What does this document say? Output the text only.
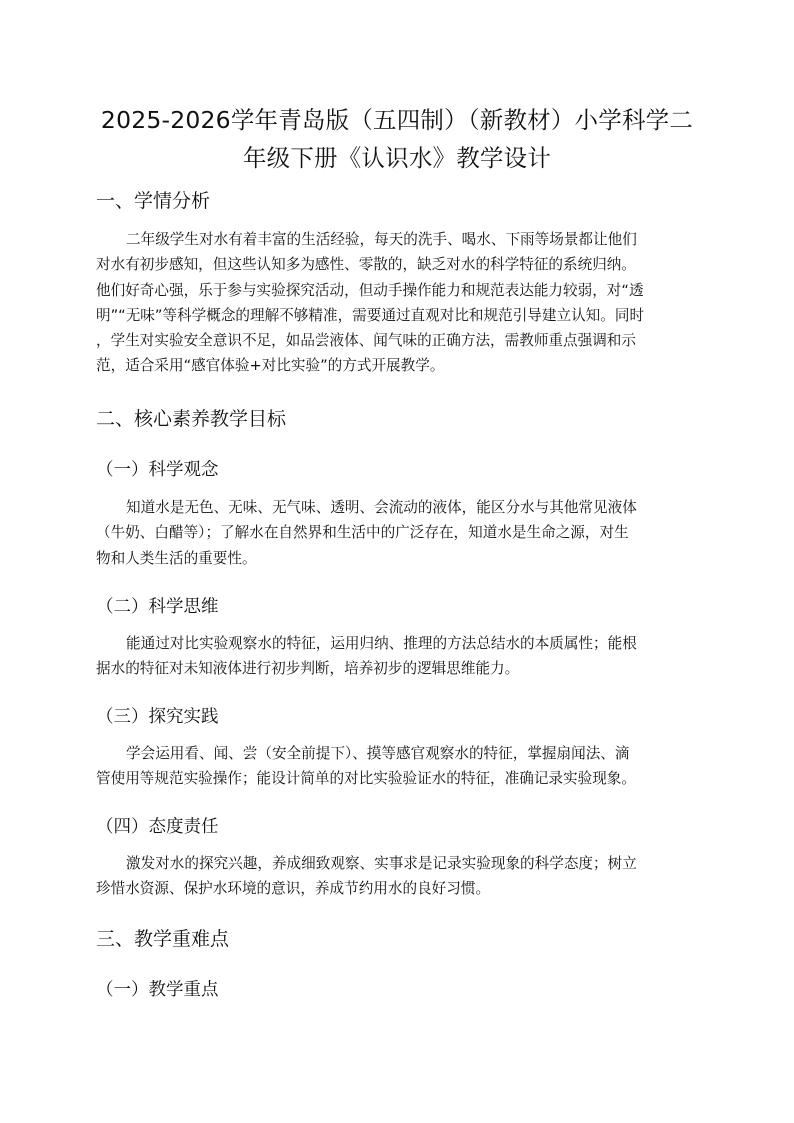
2025-2026学年青岛版（五四制）（新教材）小学科学二
年级下册《认识水》教学设计
一、学情分析

二年级学生对水有着丰富的生活经验，每天的洗手、喝水、下雨等场景都让他们
对水有初步感知，但这些认知多为感性、零散的，缺乏对水的科学特征的系统归纳。
他们好奇心强，乐于参与实验探究活动，但动手操作能力和规范表达能力较弱，对“透
明”“无味”等科学概念的理解不够精准，需要通过直观对比和规范引导建立认知。同时
，学生对实验安全意识不足，如品尝液体、闻气味的正确方法，需教师重点强调和示
范，适合采用“感官体验+对比实验”的方式开展教学。

二、核心素养教学目标
（一）科学观念

知道水是无色、无味、无气味、透明、会流动的液体，能区分水与其他常见液体
（牛奶、白醋等）；了解水在自然界和生活中的广泛存在，知道水是生命之源，对生
物和人类生活的重要性。

（二）科学思维

能通过对比实验观察水的特征，运用归纳、推理的方法总结水的本质属性；能根
据水的特征对未知液体进行初步判断，培养初步的逻辑思维能力。

（三）探究实践

学会运用看、闻、尝（安全前提下）、摸等感官观察水的特征，掌握扇闻法、滴
管使用等规范实验操作；能设计简单的对比实验验证水的特征，准确记录实验现象。

（四）态度责任

激发对水的探究兴趣，养成细致观察、实事求是记录实验现象的科学态度；树立
珍惜水资源、保护水环境的意识，养成节约用水的良好习惯。

三、教学重难点
（一）教学重点
